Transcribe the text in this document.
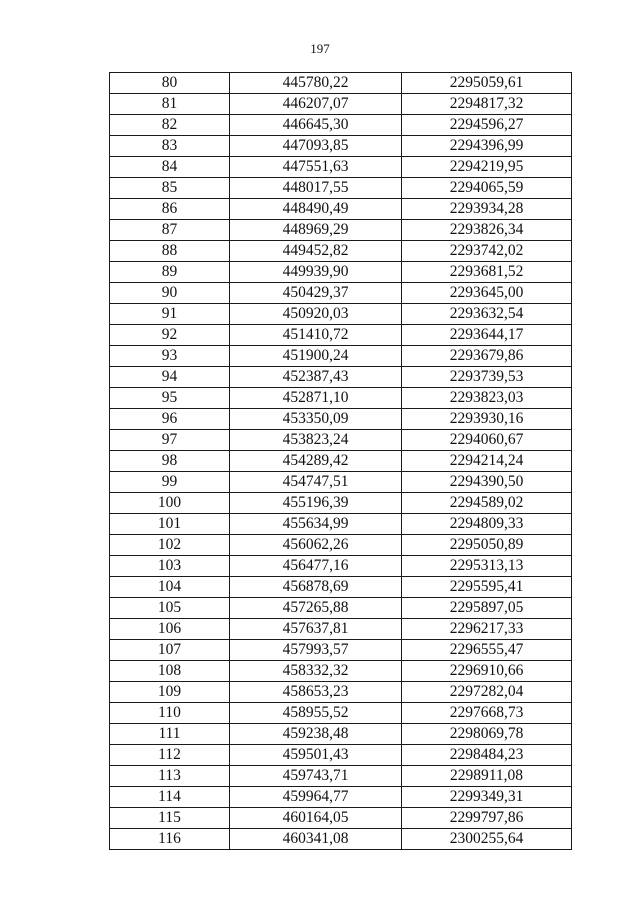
197
80	445780,22	2295059,61
81	446207,07	2294817,32
82	446645,30	2294596,27
83	447093,85	2294396,99
84	447551,63	2294219,95
85	448017,55	2294065,59
86	448490,49	2293934,28
87	448969,29	2293826,34
88	449452,82	2293742,02
89	449939,90	2293681,52
90	450429,37	2293645,00
91	450920,03	2293632,54
92	451410,72	2293644,17
93	451900,24	2293679,86
94	452387,43	2293739,53
95	452871,10	2293823,03
96	453350,09	2293930,16
97	453823,24	2294060,67
98	454289,42	2294214,24
99	454747,51	2294390,50
100	455196,39	2294589,02
101	455634,99	2294809,33
102	456062,26	2295050,89
103	456477,16	2295313,13
104	456878,69	2295595,41
105	457265,88	2295897,05
106	457637,81	2296217,33
107	457993,57	2296555,47
108	458332,32	2296910,66
109	458653,23	2297282,04
110	458955,52	2297668,73
111	459238,48	2298069,78
112	459501,43	2298484,23
113	459743,71	2298911,08
114	459964,77	2299349,31
115	460164,05	2299797,86
116	460341,08	2300255,64
